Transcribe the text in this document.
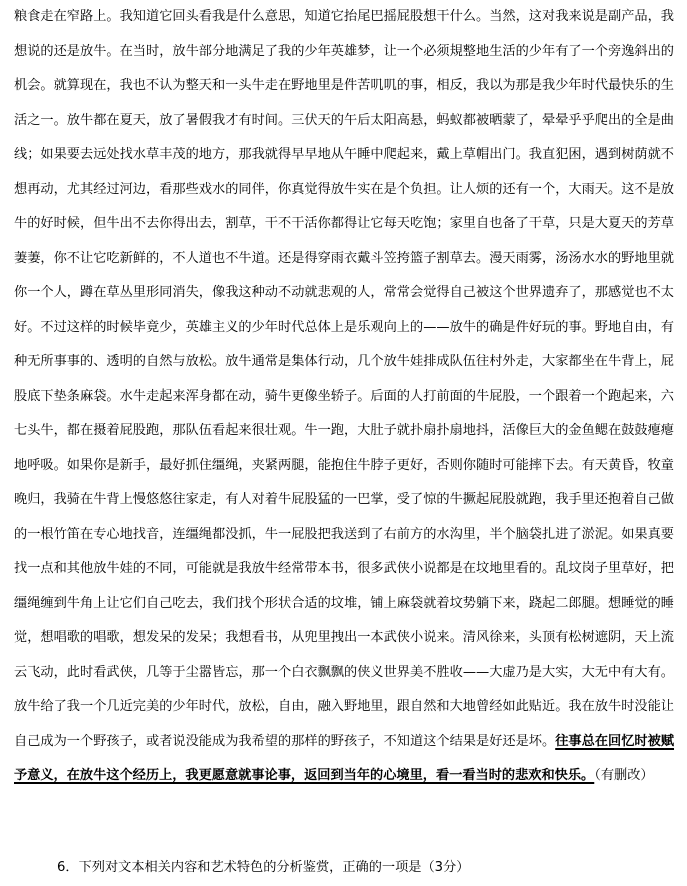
粮食走在窄路上。我知道它回头看我是什么意思，知道它抬尾巴摇屁股想干什么。当然，这对我来说是副产品，我想说的还是放牛。在当时，放牛部分地满足了我的少年英雄梦，让一个必须規整地生活的少年有了一个旁逸斜出的机会。就算现在，我也不认为整天和一头牛走在野地里是件苦叽叽的事，相反，我以为那是我少年时代最快乐的生活之一。放牛都在夏天，放了暑假我才有时间。三伏天的午后太阳高悬，蚂蚁都被晒蒙了，晕晕乎乎爬出的全是曲线；如果要去远处找水草丰茂的地方，那我就得早早地从午睡中爬起来，戴上草帽出门。我直犯困，遇到树荫就不想再动，尤其经过河边，看那些戏水的同伴，你真觉得放牛实在是个负担。让人烦的还有一个，大雨天。这不是放牛的好时候，但牛出不去你得出去，割草，干不干活你都得让它每天吃饱；家里自也备了干草，只是大夏天的芳草萋萋，你不让它吃新鲜的，不人道也不牛道。还是得穿雨衣戴斗笠挎篮子割草去。漫天雨雾，汤汤水水的野地里就你一个人，蹲在草丛里形同消失，像我这种动不动就悲观的人，常常会觉得自己被这个世界遗弃了，那感觉也不太好。不过这样的时候毕竟少，英雄主义的少年时代总体上是乐观向上的——放牛的确是件好玩的事。野地自由，有种无所事事的、透明的自然与放松。放牛通常是集体行动，几个放牛娃排成队伍往村外走，大家都坐在牛背上，屁股底下垫条麻袋。水牛走起来浑身都在动，骑牛更像坐轿子。后面的人打前面的牛屁股，一个跟着一个跑起来，六七头牛，都在摄着屁股跑，那队伍看起来很壮观。牛一跑，大肚子就扑扇扑扇地抖，活像巨大的金鱼鳃在鼓鼓瘪瘪地呼吸。如果你是新手，最好抓住缰绳，夹紧两腿，能抱住牛脖子更好，否则你随时可能摔下去。有天黄昏，牧童晚归，我骑在牛背上慢悠悠往家走，有人对着牛屁股猛的一巴掌，受了惊的牛撅起屁股就跑，我手里还抱着自己做的一根竹笛在专心地找音，连缰绳都没抓，牛一屁股把我送到了右前方的水沟里，半个脑袋扎进了淤泥。如果真要找一点和其他放牛娃的不同，可能就是我放牛经常带本书，很多武侠小说都是在坟地里看的。乱坟岗子里草好，把缰绳缠到牛角上让它们自己吃去，我们找个形状合适的坟堆，铺上麻袋就着坟势躺下来，跷起二郎腿。想睡觉的睡觉，想唱歌的唱歌，想发呆的发呆；我想看书，从兜里拽出一本武侠小说来。清风徐来，头顶有松树遮阴，天上流云飞动，此时看武侠，几等于尘嚣皆忘，那一个白衣飘飘的侠义世界美不胜收——大虚乃是大实，大无中有大有。放牛给了我一个几近完美的少年时代，放松，自由，融入野地里，跟自然和大地曾经如此贴近。我在放牛时没能让自己成为一个野孩子，或者说没能成为我希望的那样的野孩子，不知道这个结果是好还是坏。往事总在回忆时被赋予意义，在放牛这个经历上，我更愿意就事论事，返回到当年的心境里，看一看当时的悲欢和快乐。（有删改）
6．下列对文本相关内容和艺术特色的分析鉴赏，正确的一项是（3分）
